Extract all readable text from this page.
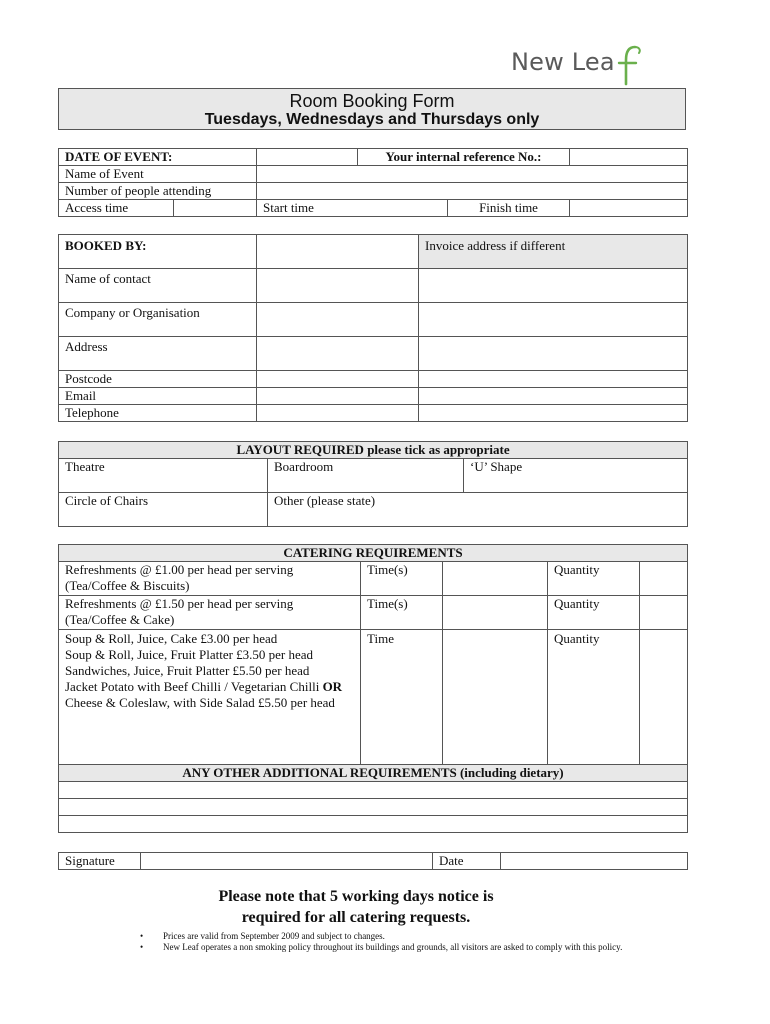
New Lea
Room Booking Form
Tuesdays, Wednesdays and Thursdays only
DATE OF EVENT:			Your internal reference No.:		
Name of Event					
Number of people attending					
Access time		Start time		Finish time	
BOOKED BY:		Invoice address if different
Name of contact		
Company or Organisation		
Address		
Postcode		
Email		
Telephone		
LAYOUT REQUIRED please tick as appropriate		
Theatre	Boardroom	‘U’ Shape
Circle of Chairs	Other (please state)	
CATERING REQUIREMENTS				
Refreshments @ £1.00 per head per serving (Tea/Coffee & Biscuits)	Time(s)		Quantity	
Refreshments @ £1.50 per head per serving (Tea/Coffee & Cake)	Time(s)		Quantity	

Soup & Roll, Juice, Cake £3.00 per head
Soup & Roll, Juice, Fruit Platter £3.50 per head
Sandwiches, Juice, Fruit Platter £5.50 per head
Jacket Potato with Beef Chilli / Vegetarian Chilli OR Cheese & Coleslaw, with Side Salad £5.50 per head	Time		Quantity	
ANY OTHER ADDITIONAL REQUIREMENTS (including dietary)				

Signature		Date	
Please note that 5 working days notice is
required for all catering requests.
• Prices are valid from September 2009 and subject to changes.
• New Leaf operates a non smoking policy throughout its buildings and grounds, all visitors are asked to comply with this policy.
